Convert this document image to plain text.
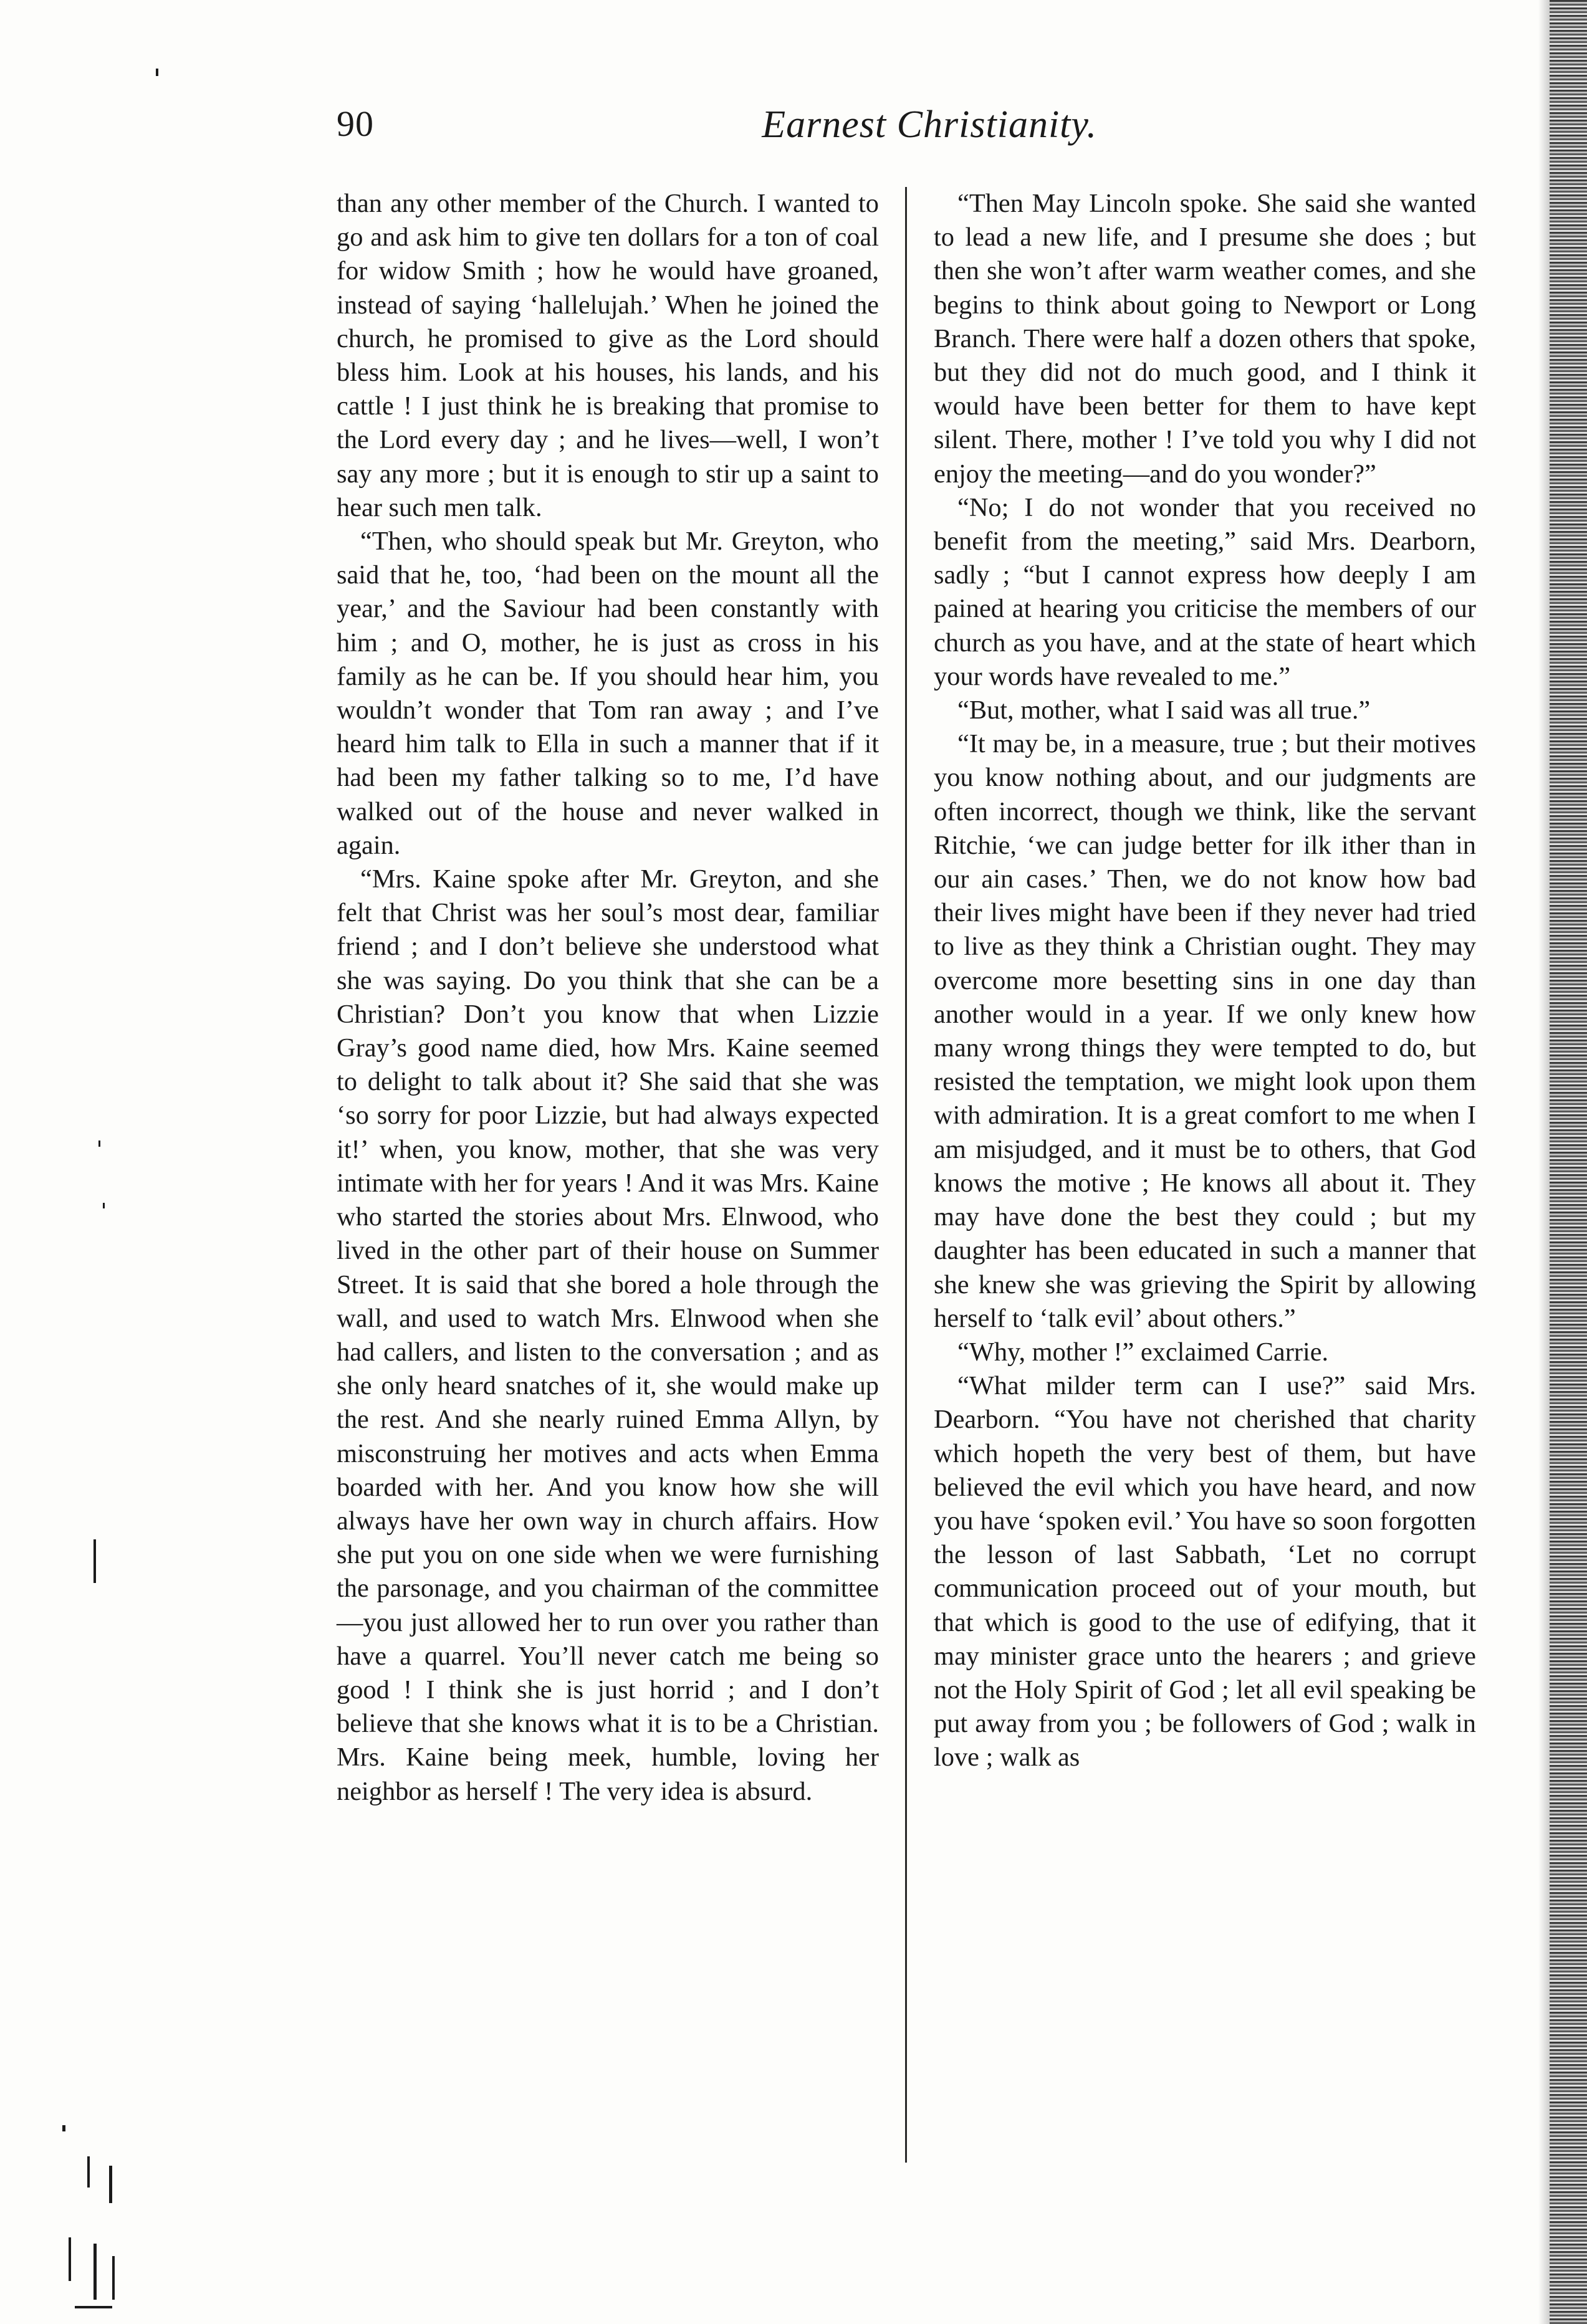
90	Earnest Christianity.

than any other member of the Church. I wanted to go and ask him to give ten dollars for a ton of coal for widow Smith ; how he would have groaned, instead of saying ‘hallelujah.’ When he joined the church, he promised to give as the Lord should bless him. Look at his houses, his lands, and his cattle ! I just think he is breaking that promise to the Lord every day ; and he lives—well, I won’t say any more ; but it is enough to stir up a saint to hear such men talk.

“Then, who should speak but Mr. Greyton, who said that he, too, ‘had been on the mount all the year,’ and the Saviour had been constantly with him ; and O, mother, he is just as cross in his family as he can be. If you should hear him, you wouldn’t wonder that Tom ran away ; and I’ve heard him talk to Ella in such a manner that if it had been my father talking so to me, I’d have walked out of the house and never walked in again.

“Mrs. Kaine spoke after Mr. Greyton, and she felt that Christ was her soul’s most dear, familiar friend ; and I don’t believe she understood what she was saying. Do you think that she can be a Christian? Don’t you know that when Lizzie Gray’s good name died, how Mrs. Kaine seemed to delight to talk about it? She said that she was ‘so sorry for poor Lizzie, but had always expected it!’ when, you know, mother, that she was very intimate with her for years ! And it was Mrs. Kaine who started the stories about Mrs. Elnwood, who lived in the other part of their house on Summer Street. It is said that she bored a hole through the wall, and used to watch Mrs. Elnwood when she had callers, and listen to the conversation ; and as she only heard snatches of it, she would make up the rest. And she nearly ruined Emma Allyn, by misconstruing her motives and acts when Emma boarded with her. And you know how she will always have her own way in church affairs. How she put you on one side when we were furnishing the parsonage, and you chairman of the committee—you just allowed her to run over you rather than have a quarrel. You’ll never catch me being so good ! I think she is just horrid ; and I don’t believe that she knows what it is to be a Christian. Mrs. Kaine being meek, humble, loving her neighbor as herself ! The very idea is absurd.

“Then May Lincoln spoke. She said she wanted to lead a new life, and I presume she does ; but then she won’t after warm weather comes, and she begins to think about going to Newport or Long Branch. There were half a dozen others that spoke, but they did not do much good, and I think it would have been better for them to have kept silent. There, mother ! I’ve told you why I did not enjoy the meeting—and do you wonder?”

“No; I do not wonder that you received no benefit from the meeting,” said Mrs. Dearborn, sadly ; “but I cannot express how deeply I am pained at hearing you criticise the members of our church as you have, and at the state of heart which your words have revealed to me.”

“But, mother, what I said was all true.”

“It may be, in a measure, true ; but their motives you know nothing about, and our judgments are often incorrect, though we think, like the servant Ritchie, ‘we can judge better for ilk ither than in our ain cases.’ Then, we do not know how bad their lives might have been if they never had tried to live as they think a Christian ought. They may overcome more besetting sins in one day than another would in a year. If we only knew how many wrong things they were tempted to do, but resisted the temptation, we might look upon them with admiration. It is a great comfort to me when I am misjudged, and it must be to others, that God knows the motive ; He knows all about it. They may have done the best they could ; but my daughter has been educated in such a manner that she knew she was grieving the Spirit by allowing herself to ‘talk evil’ about others.”

“Why, mother !” exclaimed Carrie.

“What milder term can I use?” said Mrs. Dearborn. “You have not cherished that charity which hopeth the very best of them, but have believed the evil which you have heard, and now you have ‘spoken evil.’ You have so soon forgotten the lesson of last Sabbath, ‘Let no corrupt communication proceed out of your mouth, but that which is good to the use of edifying, that it may minister grace unto the hearers ; and grieve not the Holy Spirit of God ; let all evil speaking be put away from you ; be followers of God ; walk in love ; walk as
